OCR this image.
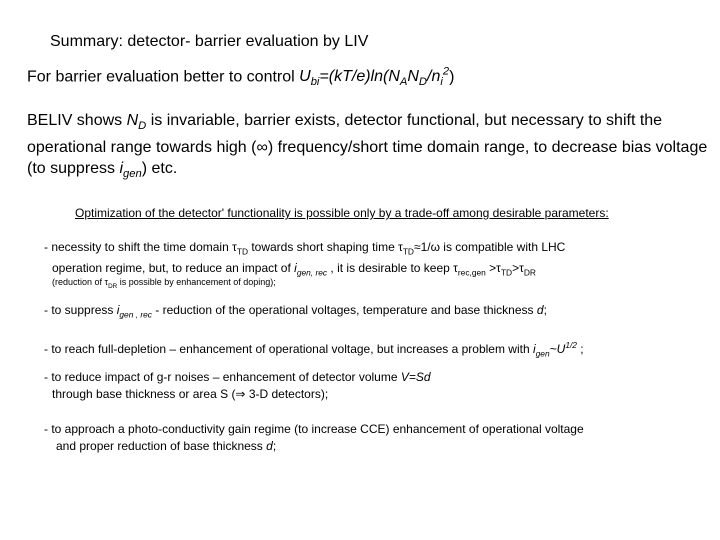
Summary: detector- barrier evaluation by LIV
For barrier evaluation better to control $U_{bi}=(kT/e)\ln(N_AN_D/n_i^2)$
BELIV shows $N_D$ is invariable, barrier exists, detector functional, but necessary to shift the operational range towards high (∞) frequency/short time domain range, to decrease bias voltage (to suppress $i_{gen}$) etc.
Optimization of the detector' functionality is possible only by a trade-off among desirable parameters:
- necessity to shift the time domain $\tau_{TD}$ towards short shaping time $\tau_{TD}\approx 1/\omega$ is compatible with LHC
operation regime, but, to reduce an impact of $i_{gen, rec}$ , it is desirable to keep $\tau_{rec,gen} >\tau_{TD}>\tau_{DR}$
(reduction of $\tau_{DR}$ is possible by enhancement of doping);
- to suppress $i_{gen , rec}$ - reduction of the operational voltages, temperature and base thickness d;
- to reach full-depletion – enhancement of operational voltage, but increases a problem with $i_{gen}\sim U^{1/2}$ ;
- to reduce impact of g-r noises – enhancement of detector volume V=Sd
through base thickness or area S (⇒ 3-D detectors);
- to approach a photo-conductivity gain regime (to increase CCE) enhancement of operational voltage
and proper reduction of base thickness d;
